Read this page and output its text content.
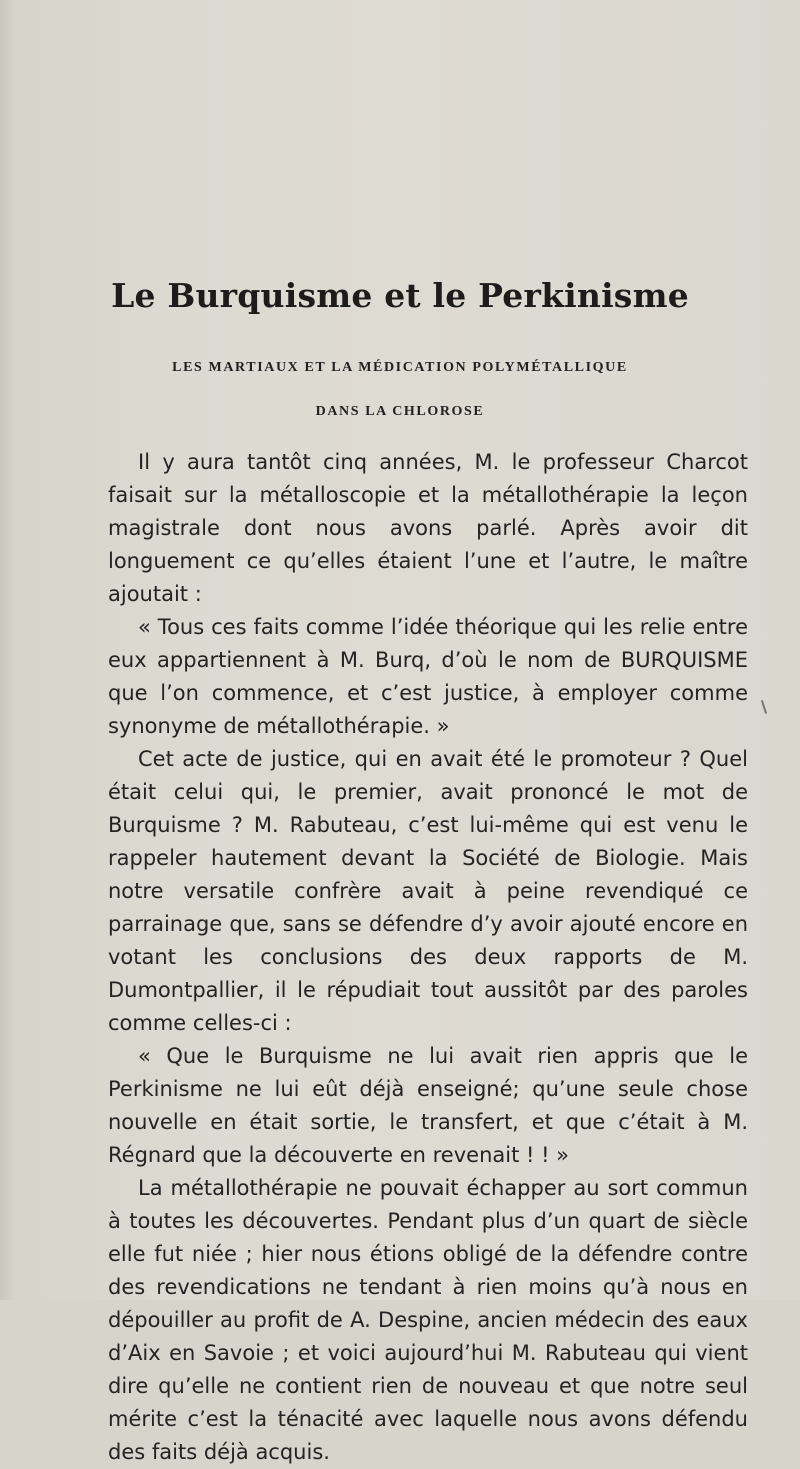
Le Burquisme et le Perkinisme
LES MARTIAUX ET LA MÉDICATION POLYMÉTALLIQUE
DANS LA CHLOROSE

Il y aura tantôt cinq années, M. le professeur Charcot faisait sur la métalloscopie et la métallothérapie la leçon magistrale dont nous avons parlé. Après avoir dit longuement ce qu’elles étaient l’une et l’autre, le maître ajoutait :

« Tous ces faits comme l’idée théorique qui les relie entre eux appartiennent à M. Burq, d’où le nom de BURQUISME que l’on commence, et c’est justice, à employer comme synonyme de métallothérapie. »

Cet acte de justice, qui en avait été le promoteur ? Quel était celui qui, le premier, avait prononcé le mot de Burquisme ? M. Rabuteau, c’est lui-même qui est venu le rappeler hautement devant la Société de Biologie. Mais notre versatile confrère avait à peine revendiqué ce parrainage que, sans se défendre d’y avoir ajouté encore en votant les conclusions des deux rapports de M. Dumontpallier, il le répudiait tout aussitôt par des paroles comme celles-ci :

« Que le Burquisme ne lui avait rien appris que le Perkinisme ne lui eût déjà enseigné; qu’une seule chose nouvelle en était sortie, le transfert, et que c’était à M. Régnard que la découverte en revenait ! ! »

La métallothérapie ne pouvait échapper au sort commun à toutes les découvertes. Pendant plus d’un quart de siècle elle fut niée ; hier nous étions obligé de la défendre contre des revendications ne tendant à rien moins qu’à nous en dépouiller au profit de A. Despine, ancien médecin des eaux d’Aix en Savoie ; et voici aujourd’hui M. Rabuteau qui vient dire qu’elle ne contient rien de nouveau et que notre seul mérite c’est la ténacité avec laquelle nous avons défendu des faits déjà acquis.
